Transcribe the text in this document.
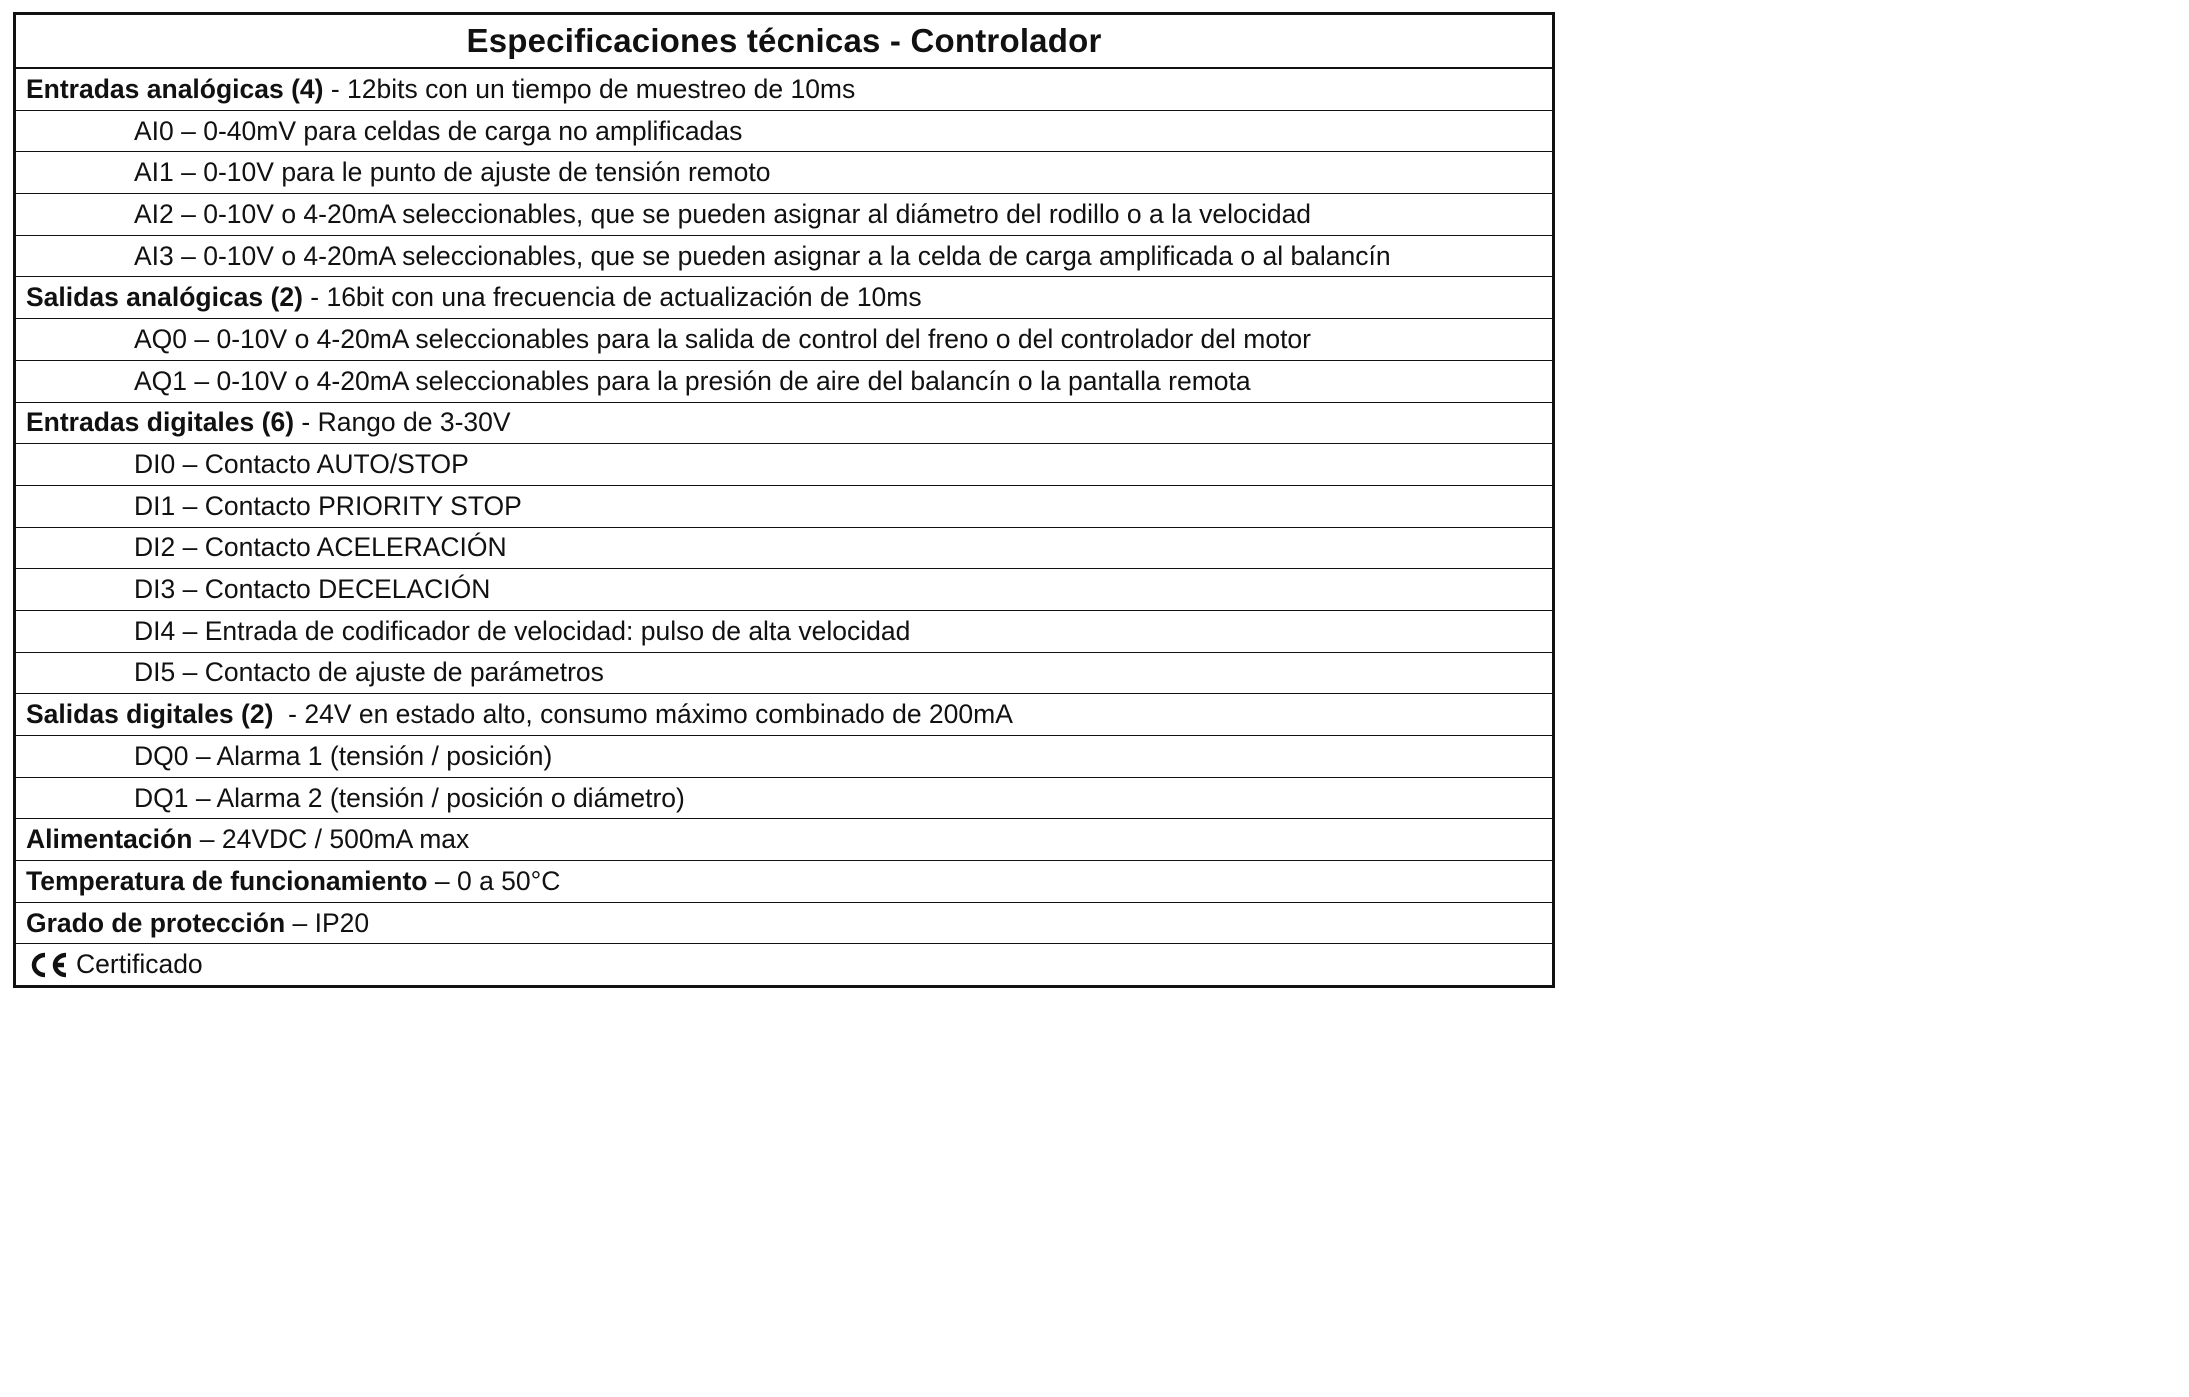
Especificaciones técnicas - Controlador
Entradas analógicas (4) - 12bits con un tiempo de muestreo de 10ms
AI0 – 0-40mV para celdas de carga no amplificadas
AI1 – 0-10V para le punto de ajuste de tensión remoto
AI2 – 0-10V o 4-20mA seleccionables, que se pueden asignar al diámetro del rodillo o a la velocidad
AI3 – 0-10V o 4-20mA seleccionables, que se pueden asignar a la celda de carga amplificada o al balancín
Salidas analógicas (2) - 16bit con una frecuencia de actualización de 10ms
AQ0 – 0-10V o 4-20mA seleccionables para la salida de control del freno o del controlador del motor
AQ1 – 0-10V o 4-20mA seleccionables para la presión de aire del balancín o la pantalla remota
Entradas digitales (6) - Rango de 3-30V
DI0 – Contacto AUTO/STOP
DI1 – Contacto PRIORITY STOP
DI2 – Contacto ACELERACIÓN
DI3 – Contacto DECELACIÓN
DI4 – Entrada de codificador de velocidad: pulso de alta velocidad
DI5 – Contacto de ajuste de parámetros
Salidas digitales (2) - 24V en estado alto, consumo máximo combinado de 200mA
DQ0 – Alarma 1 (tensión / posición)
DQ1 – Alarma 2 (tensión / posición o diámetro)
Alimentación – 24VDC / 500mA max
Temperatura de funcionamiento – 0 a 50°C
Grado de protección – IP20
Certificado
